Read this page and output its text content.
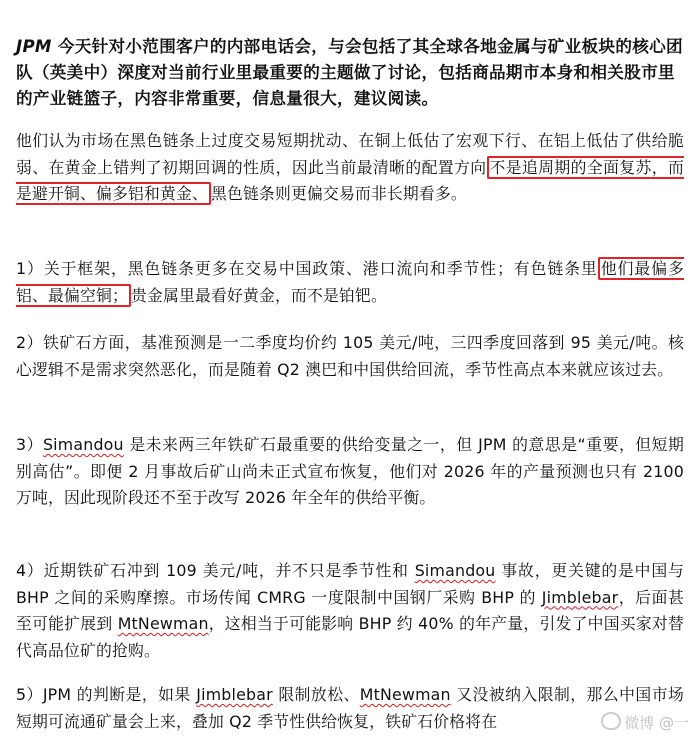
JPM 今天针对小范围客户的内部电话会，与会包括了其全球各地金属与矿业板块的核心团队（英美中）深度对当前行业里最重要的主题做了讨论，包括商品期市本身和相关股市里的产业链篮子，内容非常重要，信息量很大，建议阅读。

他们认为市场在黑色链条上过度交易短期扰动、在铜上低估了宏观下行、在铝上低估了供给脆弱、在黄金上错判了初期回调的性质，因此当前最清晰的配置方向 不是追周期的全面复苏，而是避开铜、偏多铝和黄金、 黑色链条则更偏交易而非长期看多。

1）关于框架，黑色链条更多在交易中国政策、港口流向和季节性；有色链条里 他们最偏多铝、最偏空铜； 贵金属里最看好黄金，而不是铂钯。

2）铁矿石方面，基准预测是一二季度均价约 105 美元/吨，三四季度回落到 95 美元/吨。核心逻辑不是需求突然恶化，而是随着 Q2 澳巴和中国供给回流，季节性高点本来就应该过去。

3）Simandou 是未来两三年铁矿石最重要的供给变量之一，但 JPM 的意思是“重要，但短期别高估”。即便 2 月事故后矿山尚未正式宣布恢复，他们对 2026 年的产量预测也只有 2100 万吨，因此现阶段还不至于改写 2026 年全年的供给平衡。

4）近期铁矿石冲到 109 美元/吨，并不只是季节性和 Simandou 事故，更关键的是中国与 BHP 之间的采购摩擦。市场传闻 CMRG 一度限制中国钢厂采购 BHP 的 Jimblebar，后面甚至可能扩展到 MtNewman，这相当于可能影响 BHP 约 40% 的年产量，引发了中国买家对替代高品位矿的抢购。

5）JPM 的判断是，如果 Jimblebar 限制放松、MtNewman 又没被纳入限制，那么中国市场短期可流通矿量会上来，叠加 Q2 季节性供给恢复，铁矿石价格将在	微博 @一
